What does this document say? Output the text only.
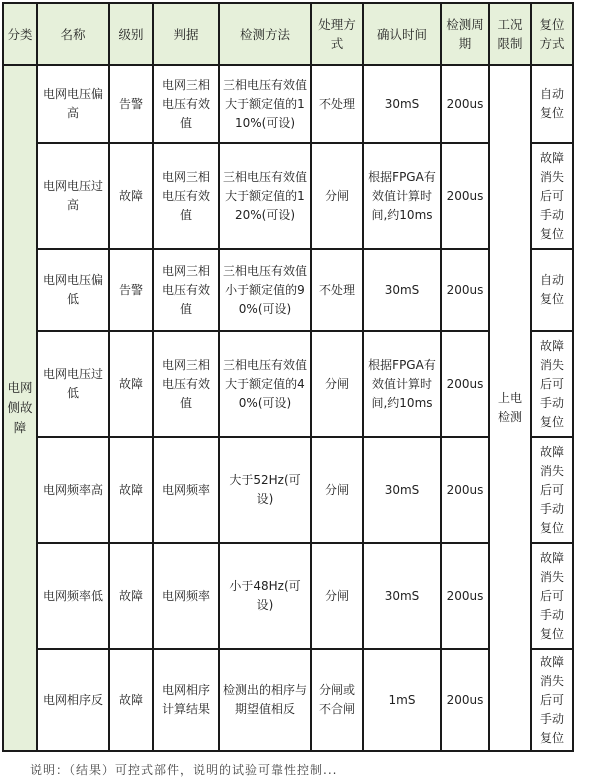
分类	名称	级别	判据	检测方法	处理方式	确认时间	检测周期	工况限制	复位方式
电网侧故障	电网电压偏高	告警	电网三相电压有效值	三相电压有效值大于额定值的110%(可设)	不处理	30mS	200us	上电检测	自动复位
	电网电压过高	故障	电网三相电压有效值	三相电压有效值大于额定值的120%(可设)	分闸	根据FPGA有效值计算时间,约10ms	200us		故障消失后可手动复位
	电网电压偏低	告警	电网三相电压有效值	三相电压有效值小于额定值的90%(可设)	不处理	30mS	200us		自动复位
	电网电压过低	故障	电网三相电压有效值	三相电压有效值大于额定值的40%(可设)	分闸	根据FPGA有效值计算时间,约10ms	200us		故障消失后可手动复位
	电网频率高	故障	电网频率	大于52Hz(可设)	分闸	30mS	200us		故障消失后可手动复位
	电网频率低	故障	电网频率	小于48Hz(可设)	分闸	30mS	200us		故障消失后可手动复位
	电网相序反	故障	电网相序计算结果	检测出的相序与期望值相反	分闸或不合闸	1mS	200us		故障消失后可手动复位
说明：（结果）可控式部件，说明的试验可靠性控制...
